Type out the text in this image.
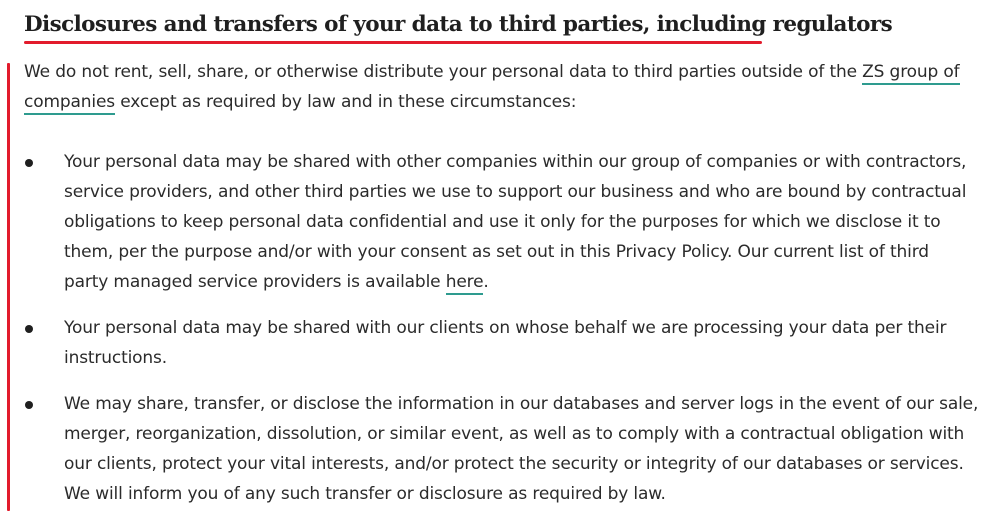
Disclosures and transfers of your data to third parties, including regulators

We do not rent, sell, share, or otherwise distribute your personal data to third parties outside of the ZS group of
companies except as required by law and in these circumstances:

Your personal data may be shared with other companies within our group of companies or with contractors,
service providers, and other third parties we use to support our business and who are bound by contractual
obligations to keep personal data confidential and use it only for the purposes for which we disclose it to
them, per the purpose and/or with your consent as set out in this Privacy Policy. Our current list of third
party managed service providers is available here.
Your personal data may be shared with our clients on whose behalf we are processing your data per their
instructions.
We may share, transfer, or disclose the information in our databases and server logs in the event of our sale,
merger, reorganization, dissolution, or similar event, as well as to comply with a contractual obligation with
our clients, protect your vital interests, and/or protect the security or integrity of our databases or services.
We will inform you of any such transfer or disclosure as required by law.
